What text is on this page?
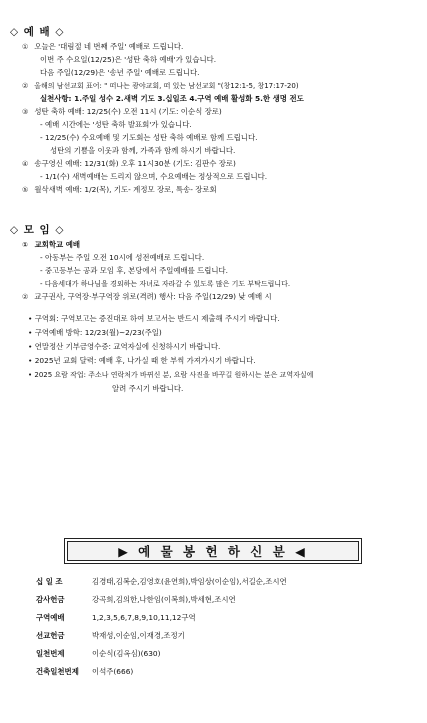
◇ 예 배 ◇
① 오늘은 '대림절 네 번째 주일' 예배로 드립니다.
이번 주 수요일(12/25)은 '성탄 축하 예배'가 있습니다.
다음 주일(12/29)은 '송년 주일' 예배로 드립니다.
② 올해의 남선교회 표어: " 떠나는 광야교회, 떠 있는 남선교회 "(창12:1-5, 창17:17-20)
실천사항: 1.주일 성수 2.새벽 기도 3.십일조 4.구역 예배 활성화 5.한 생명 전도
③ 성탄 축하 예배: 12/25(수) 오전 11시 (기도: 이순식 장로)
- 예배 시간에는 '성탄 축하 발표회'가 있습니다.
- 12/25(수) 수요예배 및 기도회는 성탄 축하 예배로 함께 드립니다.
성탄의 기쁨을 이웃과 함께, 가족과 함께 하시기 바랍니다.
④ 송구영신 예배: 12/31(화) 오후 11시30분 (기도: 김판수 장로)
- 1/1(수) 새벽예배는 드리지 않으며, 수요예배는 정상적으로 드립니다.
⑤ 월삭새벽 예배: 1/2(목), 기도- 계정모 장로, 특송- 장로회
◇ 모 임 ◇
① 교회학교 예배
- 아동부는 주일 오전 10시에 성전예배로 드립니다.
- 중고등부는 공과 모임 후, 본당에서 주일예배를 드립니다.
- 다음세대가 하나님을 경외하는 자녀로 자라갈 수 있도록 많은 기도 부탁드립니다.
② 교구권사, 구역장·부구역장 위로(격려) 행사: 다음 주일(12/29) 낮 예배 시
• 구역회: 구역보고는 증진대로 하여 보고서는 반드시 제출해 주시기 바랍니다.
• 구역예배 방학: 12/23(월)~2/23(주일)
• 연말정산 기부금영수증: 교역자실에 신청하시기 바랍니다.
• 2025년 교회 달력: 예배 후, 나가실 때 한 부씩 가져가시기 바랍니다.
• 2025 요람 작업: 주소나 연락처가 바뀌신 분, 요람 사진을 바꾸길 원하시는 분은 교역자실에
알려 주시기 바랍니다.
▶ 예 물 봉 헌 하 신 분 ◀
십 일 조	김경태,김복순,김영호(윤연희),박임상(이순임),서길순,조시연
감사헌금	강곡희,김의한,나한임(이복희),박세현,조시연
구역예배	1,2,3,5,6,7,8,9,10,11,12구역
선교헌금	박재성,이순임,이재경,조정기
일천번제	이순식(김옥심)(630)
건축일천번제	이석주(666)
